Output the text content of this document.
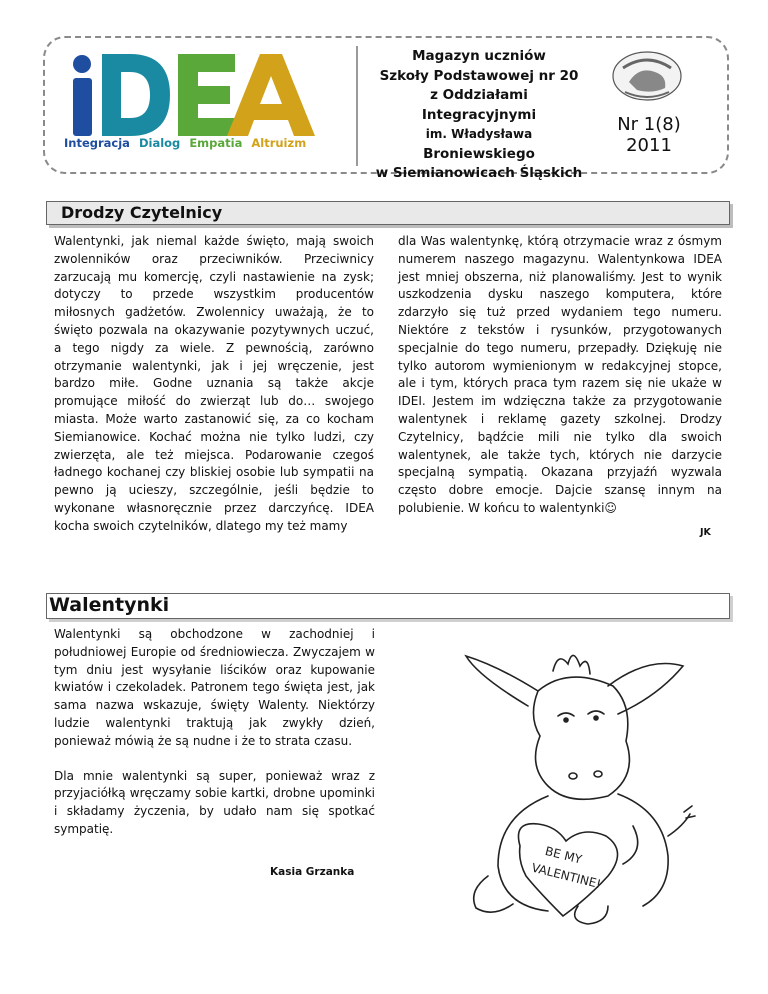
Integracja Dialog Empatia Altruizm
Magazyn uczniów
Szkoły Podstawowej nr 20
z Oddziałami
Integracyjnymi
im. Władysława
Broniewskiego
w Siemianowicach Śląskich
Nr 1(8)
2011
Drodzy Czytelnicy
Walentynki, jak niemal każde święto, mają swoich zwolenników oraz przeciwników. Przeciwnicy zarzucają mu komercję, czyli nastawienie na zysk; dotyczy to przede wszystkim producentów miłosnych gadżetów. Zwolennicy uważają, że to święto pozwala na okazywanie pozytywnych uczuć, a tego nigdy za wiele. Z pewnością, zarówno otrzymanie walentynki, jak i jej wręczenie, jest bardzo miłe. Godne uznania są także akcje promujące miłość do zwierząt lub do… swojego miasta. Może warto zastanowić się, za co kocham Siemianowice. Kochać można nie tylko ludzi, czy zwierzęta, ale też miejsca. Podarowanie czegoś ładnego kochanej czy bliskiej osobie lub sympatii na pewno ją ucieszy, szczególnie, jeśli będzie to wykonane własnoręcznie przez darczyńcę. IDEA kocha swoich czytelników, dlatego my też mamy
dla Was walentynkę, którą otrzymacie wraz z ósmym numerem naszego magazynu. Walentynkowa IDEA jest mniej obszerna, niż planowaliśmy. Jest to wynik uszkodzenia dysku naszego komputera, które zdarzyło się tuż przed wydaniem tego numeru. Niektóre z tekstów i rysunków, przygotowanych specjalnie do tego numeru, przepadły. Dziękuję nie tylko autorom wymienionym w redakcyjnej stopce, ale i tym, których praca tym razem się nie ukaże w IDEI. Jestem im wdzięczna także za przygotowanie walentynek i reklamę gazety szkolnej. Drodzy Czytelnicy, bądźcie mili nie tylko dla swoich walentynek, ale także tych, których nie darzycie specjalną sympatią. Okazana przyjaźń wyzwala często dobre emocje. Dajcie szansę innym na polubienie. W końcu to walentynki☺
JK
Walentynki

Walentynki są obchodzone w zachodniej i południowej Europie od średniowiecza. Zwyczajem w tym dniu jest wysyłanie liścików oraz kupowanie kwiatów i czekoladek. Patronem tego święta jest, jak sama nazwa wskazuje, święty Walenty. Niektórzy ludzie walentynki traktują jak zwykły dzień, ponieważ mówią że są nudne i że to strata czasu.

Dla mnie walentynki są super, ponieważ wraz z przyjaciółką wręczamy sobie kartki, drobne upominki i składamy życzenia, by udało nam się spotkać sympatię.

Kasia Grzanka
BE MY
VALENTINE!
